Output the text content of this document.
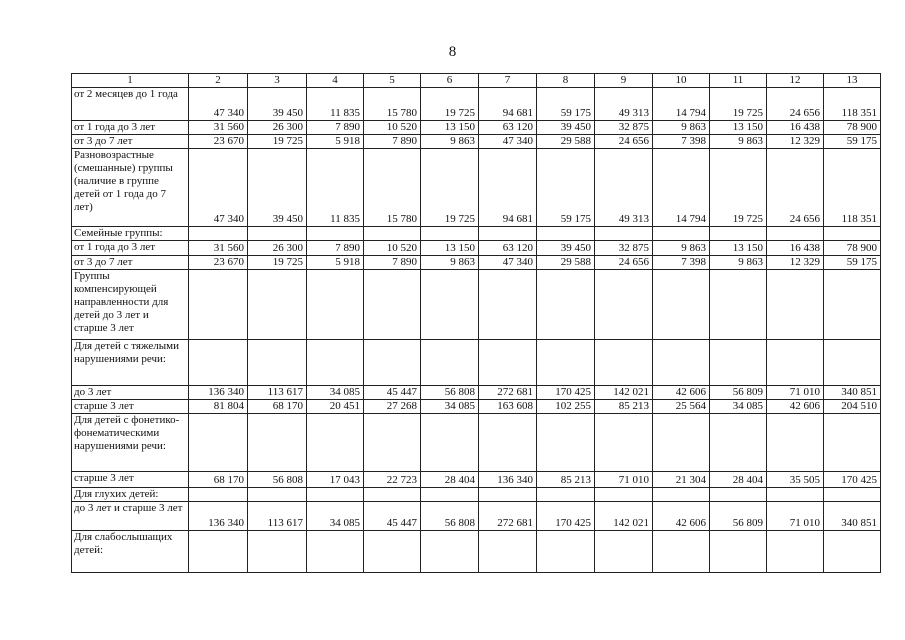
8
1	2	3	4	5	6	7	8	9	10	11	12	13
от 2 месяцев до 1 года	47 340	39 450	11 835	15 780	19 725	94 681	59 175	49 313	14 794	19 725	24 656	118 351
от 1 года до 3 лет	31 560	26 300	7 890	10 520	13 150	63 120	39 450	32 875	9 863	13 150	16 438	78 900
от 3 до 7 лет	23 670	19 725	5 918	7 890	9 863	47 340	29 588	24 656	7 398	9 863	12 329	59 175
Разновозрастные (смешанные) группы (наличие в группе детей от 1 года до 7 лет)	47 340	39 450	11 835	15 780	19 725	94 681	59 175	49 313	14 794	19 725	24 656	118 351
Семейные группы:												
от 1 года до 3 лет	31 560	26 300	7 890	10 520	13 150	63 120	39 450	32 875	9 863	13 150	16 438	78 900
от 3 до 7 лет	23 670	19 725	5 918	7 890	9 863	47 340	29 588	24 656	7 398	9 863	12 329	59 175
Группы компенсирующей направленности для детей до 3 лет и старше 3 лет												
Для детей с тяжелыми нарушениями речи:												
до 3 лет	136 340	113 617	34 085	45 447	56 808	272 681	170 425	142 021	42 606	56 809	71 010	340 851
старше 3 лет	81 804	68 170	20 451	27 268	34 085	163 608	102 255	85 213	25 564	34 085	42 606	204 510
Для детей с фонетико-фонематическими нарушениями речи:												
старше 3 лет	68 170	56 808	17 043	22 723	28 404	136 340	85 213	71 010	21 304	28 404	35 505	170 425
Для глухих детей:												
до 3 лет и старше 3 лет	136 340	113 617	34 085	45 447	56 808	272 681	170 425	142 021	42 606	56 809	71 010	340 851
Для слабослышащих детей:												
